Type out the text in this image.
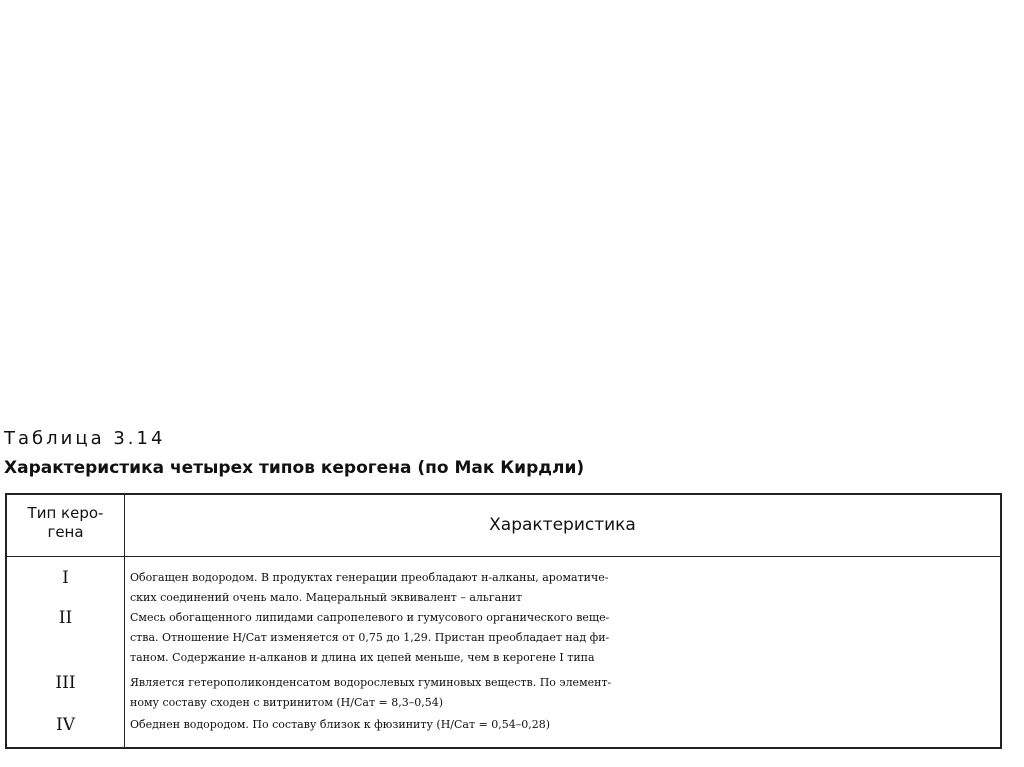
Таблица 3.14
Характеристика четырех типов керогена (по Мак Кирдли)
Тип керо-
гена	Характеристика
I	Обогащен водородом. В продуктах генерации преобладают н-алканы, ароматиче-
ских соединений очень мало. Мацеральный эквивалент – альганит
II	Смесь обогащенного липидами сапропелевого и гумусового органического веще-
ства. Отношение H/Cат изменяется от 0,75 до 1,29. Пристан преобладает над фи-
таном. Содержание н-алканов и длина их цепей меньше, чем в керогене I типа
III	Является гетерополиконденсатом водорослевых гуминовых веществ. По элемент-
ному составу сходен с витринитом (H/Cат = 8,3–0,54)
IV	Обеднен водородом. По составу близок к фюзиниту (H/Cат = 0,54–0,28)
